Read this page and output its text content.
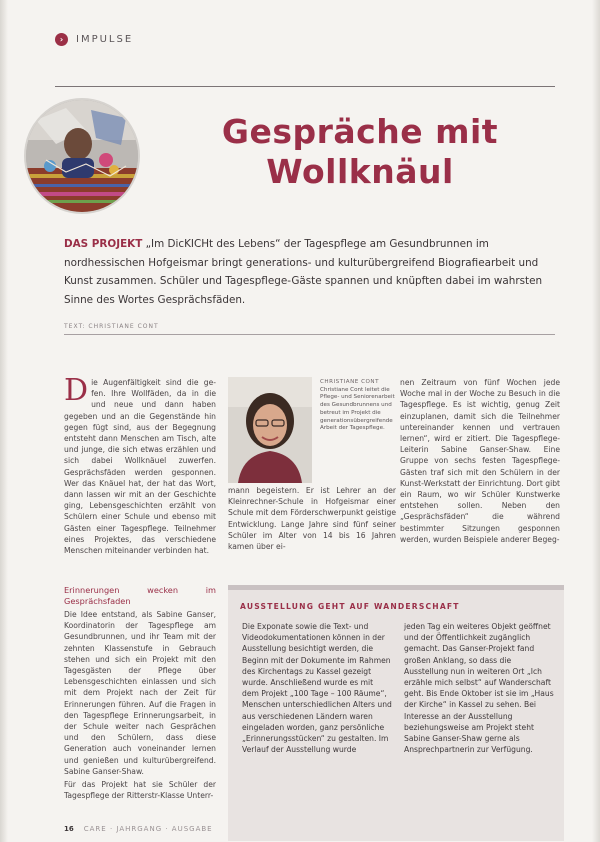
›	IMPULSE
Gespräche mit
Wollknäul

DAS PROJEKT „Im DicKICHt des Lebens“ der Tagespflege am Gesundbrunnen im nordhessischen Hofgeismar bringt generations- und kulturübergreifend Biografiearbeit und Kunst zusammen. Schüler und Tagespflege-Gäste spannen und knüpften dabei im wahrsten Sinne des Wortes Gesprächsfäden.

TEXT: CHRISTIANE CONT
Die Augenfältigkeit sind die ge- fen. Ihre Wollfäden, da in die und neue und dann haben gegeben und an die Gegenstände hin gegen fügt sind, aus der Begegnung entsteht dann Menschen am Tisch, alte und junge, die sich etwas erzählen und sich dabei Wollknäuel zuwerfen. Gesprächsfäden werden gesponnen. Wer das Knäuel hat, der hat das Wort, dann lassen wir mit an der Geschichte ging, Lebensgeschichten erzählt von Schülern einer Schule und ebenso mit Gästen einer Tagespflege. Teilnehmer eines Projektes, das verschiedene Menschen miteinander verbinden hat.
Erinnerungen wecken im Gesprächsfaden
Die Idee entstand, als Sabine Ganser, Koordinatorin der Tagespflege am Gesundbrunnen, und ihr Team mit der zehnten Klassenstufe in Gebrauch stehen und sich ein Projekt mit den Tagesgästen der Pflege über Lebensgeschichten einlassen und sich mit dem Projekt nach der Zeit für Erinnerungen führen. Auf die Fragen in den Tagespflege Erinnerungsarbeit, in der Schule weiter nach Gesprächen und den Schülern, dass diese Generation auch voneinander lernen und genießen und kulturübergreifend. Sabine Ganser-Shaw.
Für das Projekt hat sie Schüler der Tagespflege der Ritterstr-Klasse Unterr-
CHRISTIANE CONT
Christiane Cont leitet die Pflege- und Seniorenarbeit des Gesundbrunnens und betreut im Projekt die generationsübergreifende Arbeit der Tagespflege.
mann begeistern. Er ist Lehrer an der Kleinrechner-Schule in Hofgeismar einer Schule mit dem Förderschwerpunkt geistige Entwicklung. Lange Jahre sind fünf seiner Schüler im Alter von 14 bis 16 Jahren kamen über ei-
nen Zeitraum von fünf Wochen jede Woche mal in der Woche zu Besuch in die Tagespflege. Es ist wichtig, genug Zeit einzuplanen, damit sich die Teilnehmer untereinander kennen und vertrauen lernen“, wird er zitiert. Die Tagespflege-Leiterin Sabine Ganser-Shaw. Eine Gruppe von sechs festen Tagespflege-Gästen traf sich mit den Schülern in der Kunst-Werkstatt der Einrichtung. Dort gibt ein Raum, wo wir Schüler Kunstwerke entstehen sollen. Neben den „Gesprächsfäden“ die während bestimmter Sitzungen gesponnen werden, wurden Beispiele anderer Begeg-
AUSSTELLUNG GEHT AUF WANDERSCHAFT
Die Exponate sowie die Text- und Videodokumentationen können in der Ausstellung besichtigt werden, die Beginn mit der Dokumente im Rahmen des Kirchentags zu Kassel gezeigt wurde. Anschließend wurde es mit dem Projekt „100 Tage – 100 Räume“, Menschen unterschiedlichen Alters und aus verschiedenen Ländern waren eingeladen worden, ganz persönliche „Erinnerungsstücken“ zu gestalten. Im Verlauf der Ausstellung wurde
jeden Tag ein weiteres Objekt geöffnet und der Öffentlichkeit zugänglich gemacht. Das Ganser-Projekt fand großen Anklang, so dass die Ausstellung nun in weiteren Ort „Ich erzähle mich selbst“ auf Wanderschaft geht. Bis Ende Oktober ist sie im „Haus der Kirche“ in Kassel zu sehen. Bei Interesse an der Ausstellung beziehungsweise am Projekt steht Sabine Ganser-Shaw gerne als Ansprechpartnerin zur Verfügung.
16 CARE · JAHRGANG · AUSGABE
